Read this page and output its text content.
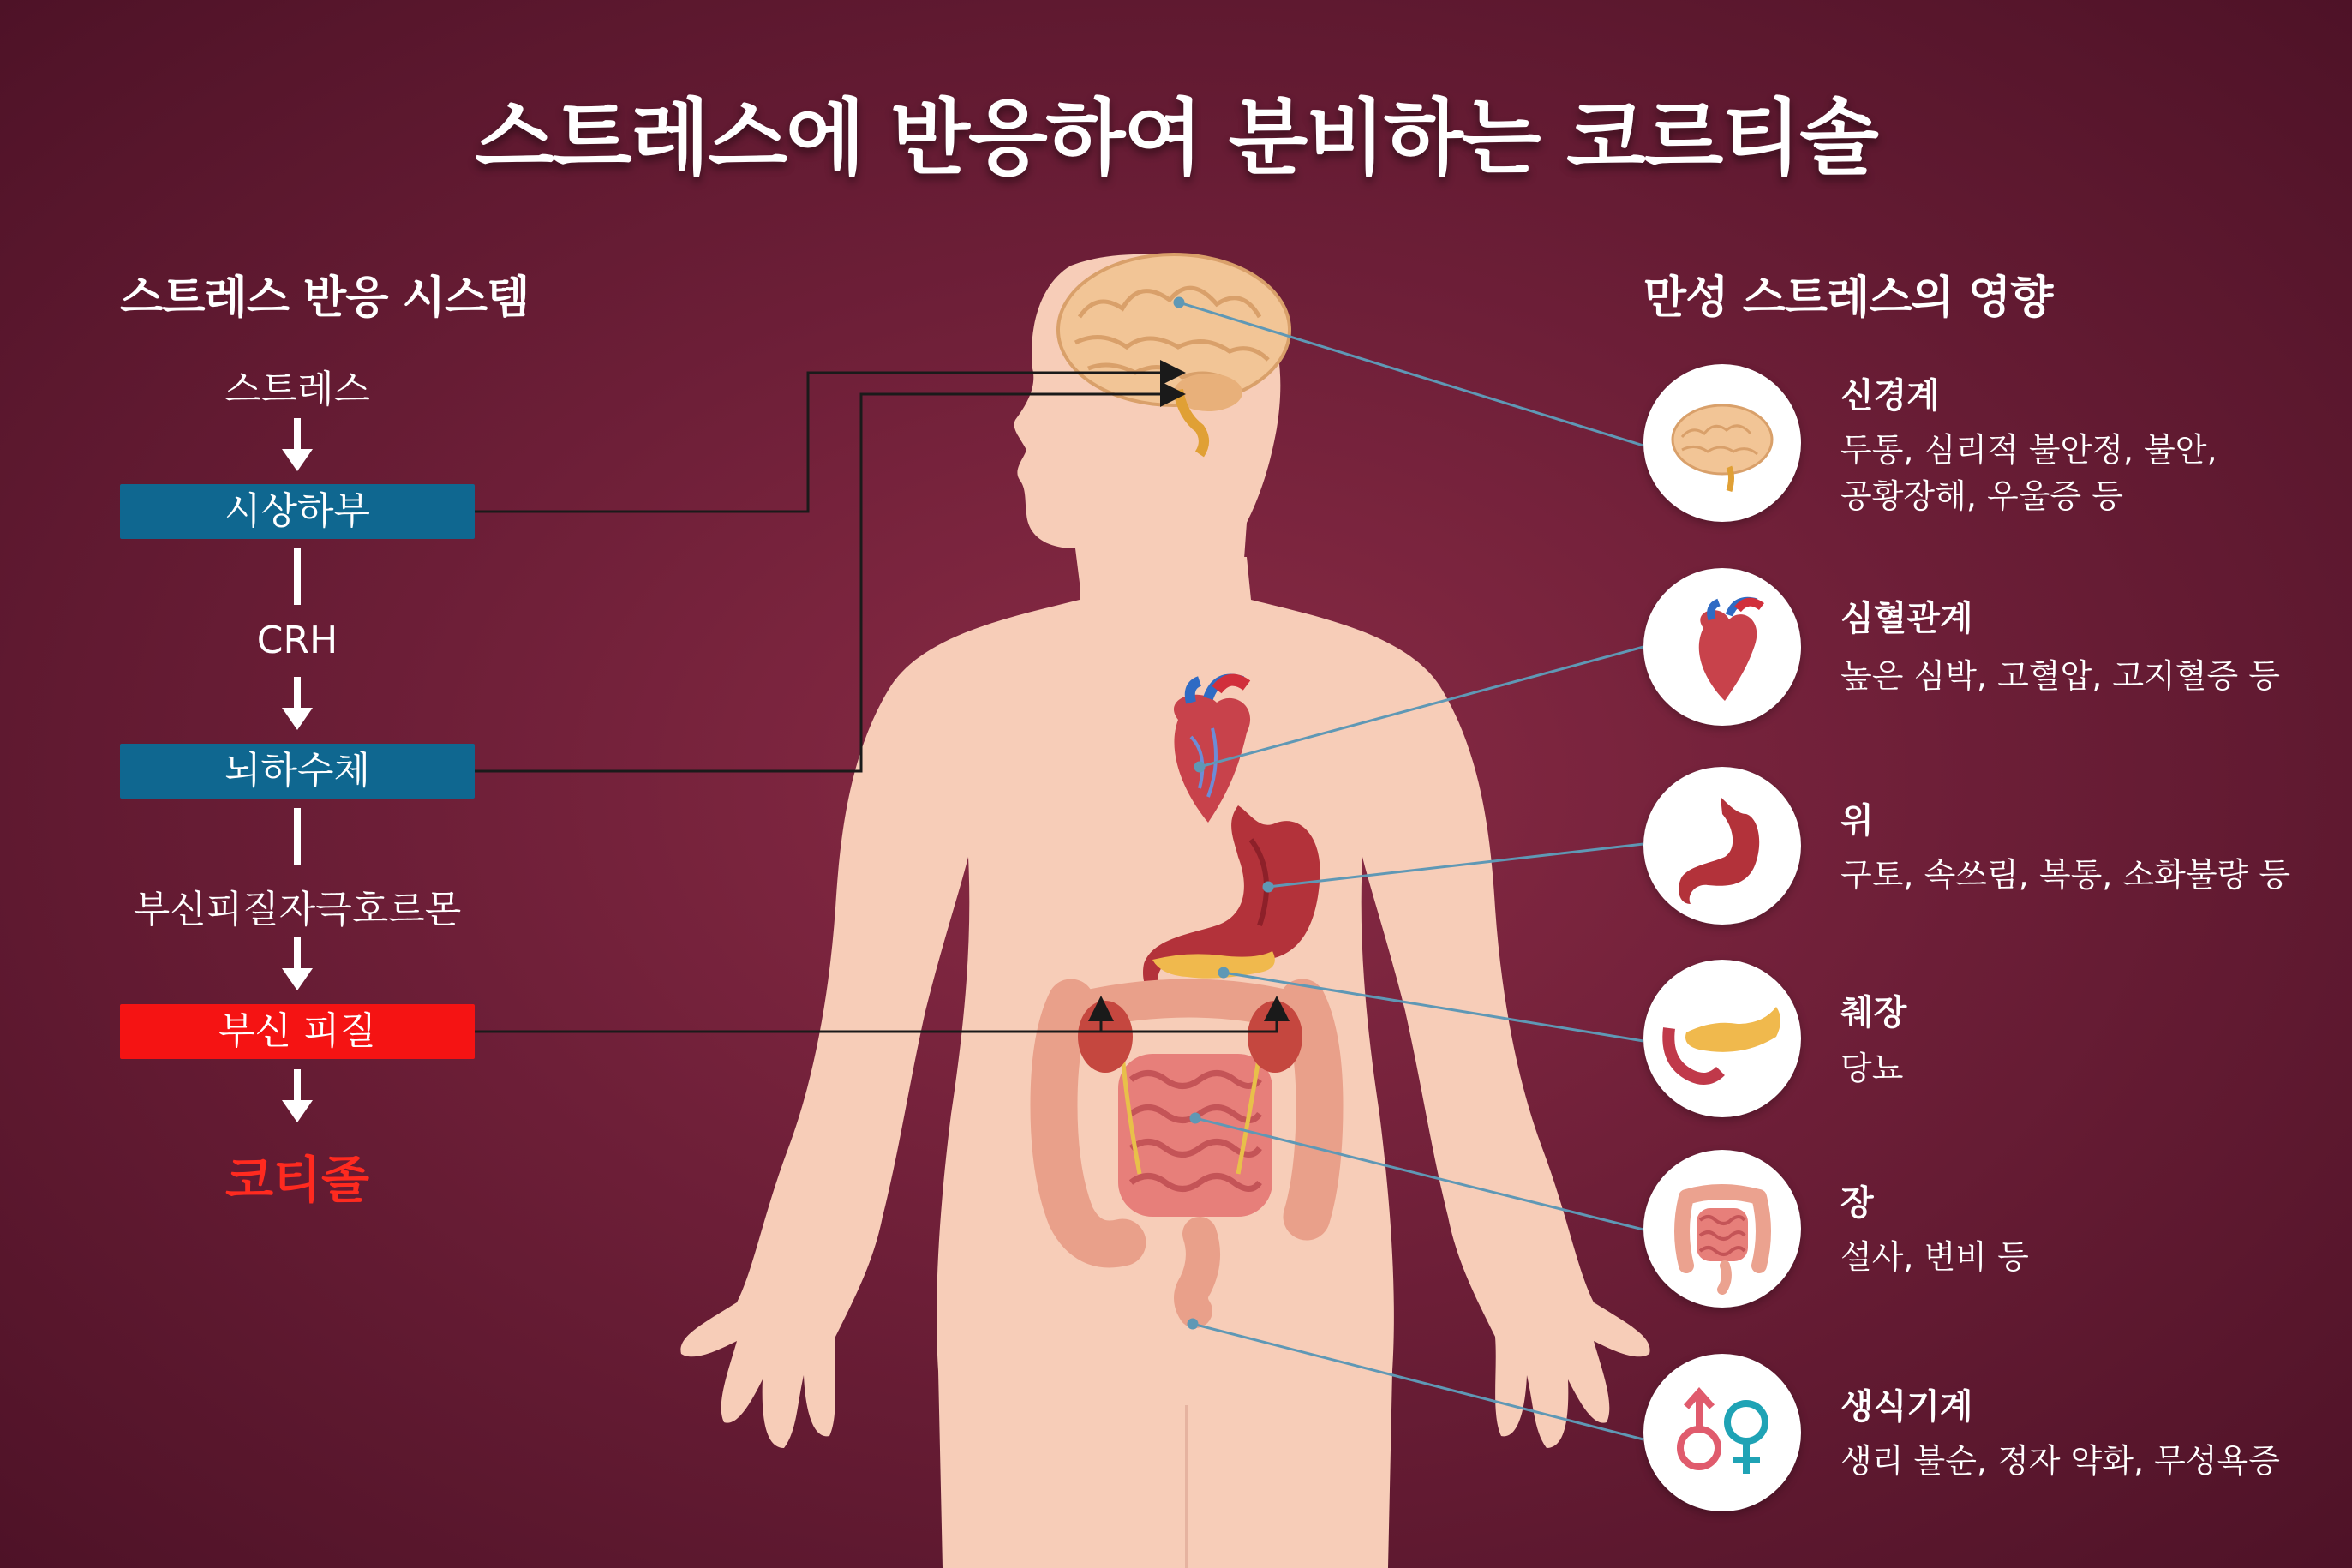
스트레스에 반응하여 분비하는 코르티솔
스트레스 반응 시스템
스트레스
시상하부
CRH
뇌하수체
부신피질자극호르몬
부신 피질
코티졸
만성 스트레스의 영향
신경계
두통, 심리적 불안정, 불안,
공황장해, 우울증 등
심혈관계
높은 심박, 고혈압, 고지혈증 등
위
구토, 속쓰림, 복통, 소화불량 등
췌장
당뇨
장
설사, 변비 등
생식기계
생리 불순, 정자 약화, 무성욕증
